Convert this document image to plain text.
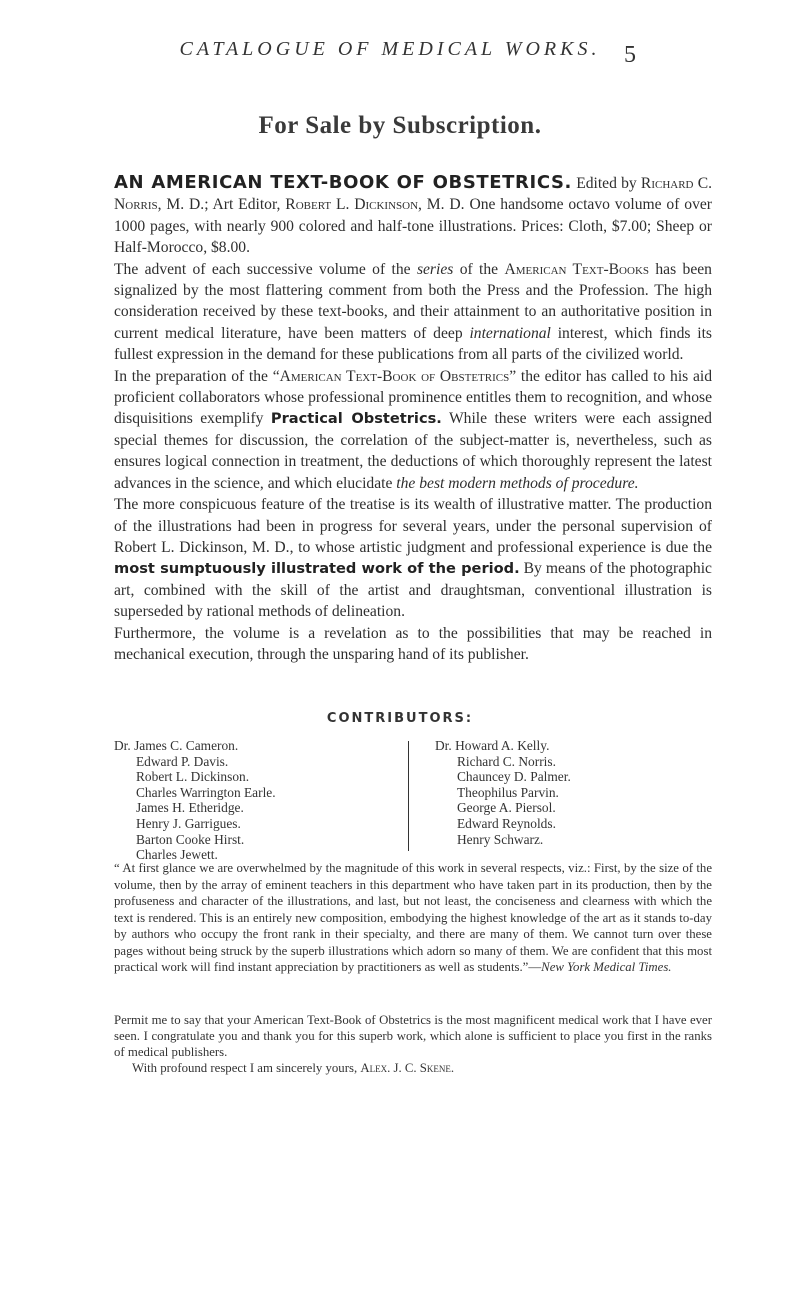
CATALOGUE OF MEDICAL WORKS. 5
For Sale by Subscription.

AN AMERICAN TEXT-BOOK OF OBSTETRICS. Edited by Richard C. Norris, M. D.; Art Editor, Robert L. Dickinson, M. D. One handsome octavo volume of over 1000 pages, with nearly 900 colored and half-tone illustrations. Prices: Cloth, $7.00; Sheep or Half-Morocco, $8.00.

The advent of each successive volume of the series of the American Text-Books has been signalized by the most flattering comment from both the Press and the Profession. The high consideration received by these text-books, and their attainment to an authoritative position in current medical literature, have been matters of deep international interest, which finds its fullest expression in the demand for these publications from all parts of the civilized world.

In the preparation of the “American Text-Book of Obstetrics” the editor has called to his aid proficient collaborators whose professional prominence entitles them to recognition, and whose disquisitions exemplify Practical Obstetrics. While these writers were each assigned special themes for discussion, the correlation of the subject-matter is, nevertheless, such as ensures logical connection in treatment, the deductions of which thoroughly represent the latest advances in the science, and which elucidate the best modern methods of procedure.

The more conspicuous feature of the treatise is its wealth of illustrative matter. The production of the illustrations had been in progress for several years, under the personal supervision of Robert L. Dickinson, M. D., to whose artistic judgment and professional experience is due the most sumptuously illustrated work of the period. By means of the photographic art, combined with the skill of the artist and draughtsman, conventional illustration is superseded by rational methods of delineation.

Furthermore, the volume is a revelation as to the possibilities that may be reached in mechanical execution, through the unsparing hand of its publisher.

CONTRIBUTORS:
Dr. James C. Cameron.
Edward P. Davis.
Robert L. Dickinson.
Charles Warrington Earle.
James H. Etheridge.
Henry J. Garrigues.
Barton Cooke Hirst.
Charles Jewett.
Dr. Howard A. Kelly.
Richard C. Norris.
Chauncey D. Palmer.
Theophilus Parvin.
George A. Piersol.
Edward Reynolds.
Henry Schwarz.
“ At first glance we are overwhelmed by the magnitude of this work in several respects, viz.: First, by the size of the volume, then by the array of eminent teachers in this department who have taken part in its production, then by the profuseness and character of the illustrations, and last, but not least, the conciseness and clearness with which the text is rendered. This is an entirely new composition, embodying the highest knowledge of the art as it stands to-day by authors who occupy the front rank in their specialty, and there are many of them. We cannot turn over these pages without being struck by the superb illustrations which adorn so many of them. We are confident that this most practical work will find instant appreciation by practitioners as well as students.”—New York Medical Times.
Permit me to say that your American Text-Book of Obstetrics is the most magnificent medical work that I have ever seen. I congratulate you and thank you for this superb work, which alone is sufficient to place you first in the ranks of medical publishers.
With profound respect I am sincerely yours, Alex. J. C. Skene.
